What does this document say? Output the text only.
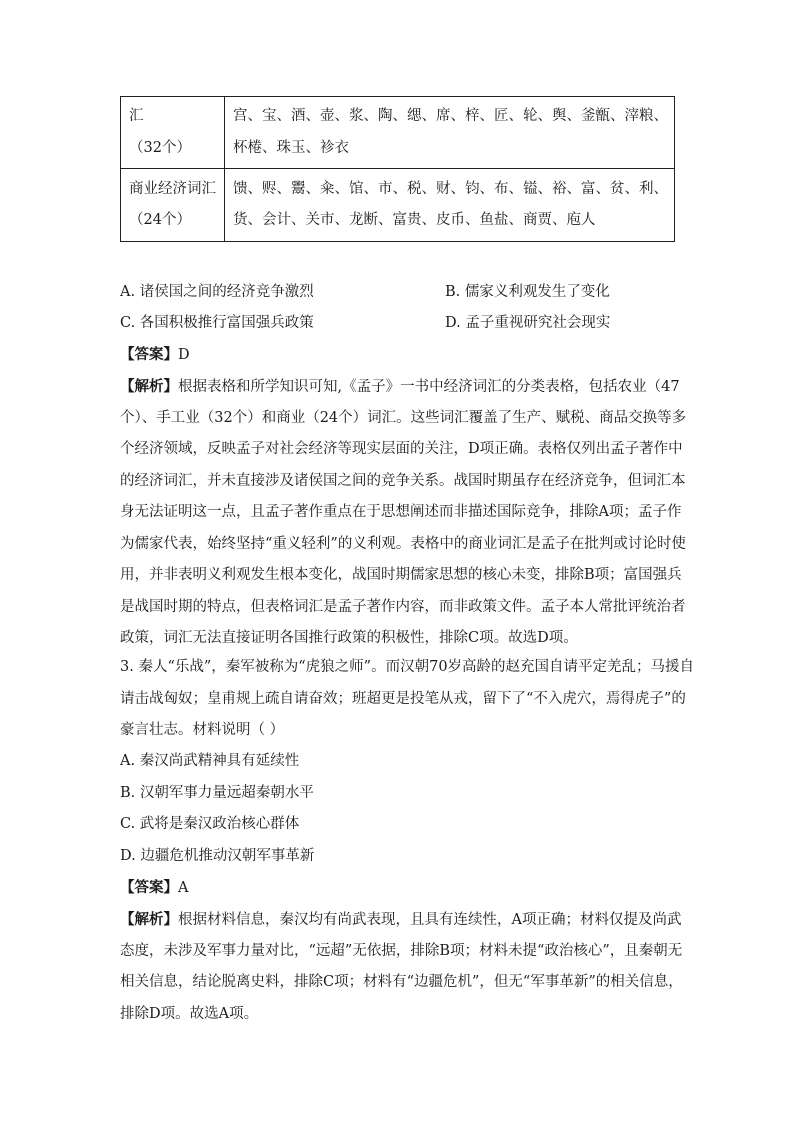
汇
（32个）	宫、宝、酒、壶、浆、陶、缌、席、梓、匠、轮、舆、釜甑、滓粮、
杯棬、珠玉、袗衣

商业经济词汇
（24个）	馈、赆、鬻、籴、馆、市、税、财、钧、布、镒、裕、富、贫、利、
货、会计、关市、龙断、富贵、皮币、鱼盐、商贾、庖人
A. 诸侯国之间的经济竞争激烈	B. 儒家义利观发生了变化
C. 各国积极推行富国强兵政策	D. 孟子重视研究社会现实
【答案】D
【解析】根据表格和所学知识可知,《孟子》一书中经济词汇的分类表格，包括农业（47
个）、手工业（32个）和商业（24个）词汇。这些词汇覆盖了生产、赋税、商品交换等多
个经济领域，反映孟子对社会经济等现实层面的关注，D项正确。表格仅列出孟子著作中
的经济词汇，并未直接涉及诸侯国之间的竞争关系。战国时期虽存在经济竞争，但词汇本
身无法证明这一点，且孟子著作重点在于思想阐述而非描述国际竞争，排除A项；孟子作
为儒家代表，始终坚持“重义轻利”的义利观。表格中的商业词汇是孟子在批判或讨论时使
用，并非表明义利观发生根本变化，战国时期儒家思想的核心未变，排除B项；富国强兵
是战国时期的特点，但表格词汇是孟子著作内容，而非政策文件。孟子本人常批评统治者
政策，词汇无法直接证明各国推行政策的积极性，排除C项。故选D项。
3. 秦人“乐战”，秦军被称为“虎狼之师”。而汉朝70岁高龄的赵充国自请平定羌乱；马援自
请击战匈奴；皇甫规上疏自请奋效；班超更是投笔从戎，留下了“不入虎穴，焉得虎子”的
豪言壮志。材料说明（ ）
A. 秦汉尚武精神具有延续性
B. 汉朝军事力量远超秦朝水平
C. 武将是秦汉政治核心群体
D. 边疆危机推动汉朝军事革新
【答案】A
【解析】根据材料信息，秦汉均有尚武表现，且具有连续性，A项正确；材料仅提及尚武
态度，未涉及军事力量对比，“远超”无依据，排除B项；材料未提“政治核心”，且秦朝无
相关信息，结论脱离史料，排除C项；材料有“边疆危机”，但无“军事革新”的相关信息，
排除D项。故选A项。
